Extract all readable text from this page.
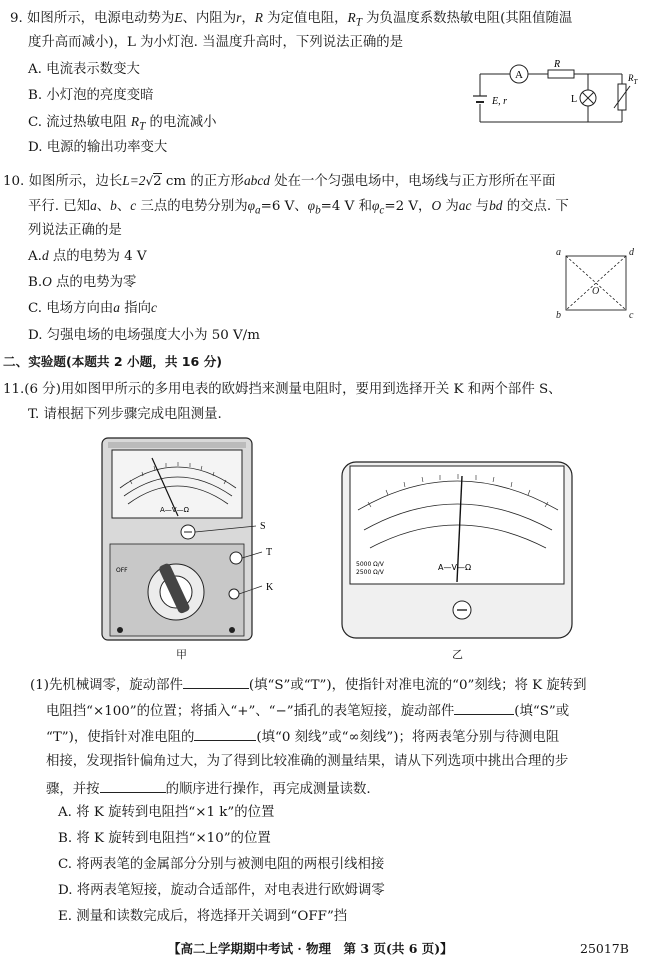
9. 如图所示，电源电动势为E、内阻为r，R 为定值电阻，$R_T$ 为负温度系数热敏电阻(其阻值随温
度升高而减小)，L 为小灯泡. 当温度升高时，下列说法正确的是
A. 电流表示数变大
B. 小灯泡的亮度变暗
C. 流过热敏电阻 $R_T$ 的电流减小
D. 电源的输出功率变大
A
R
L
$R_T$
E, r
10. 如图所示，边长L=2√2 cm 的正方形abcd 处在一个匀强电场中，电场线与正方形所在平面
平行. 已知a、b、c 三点的电势分别为$\varphi_a=6$ V、$\varphi_b=4$ V 和$\varphi_c=2$ V，O 为ac 与bd 的交点. 下
列说法正确的是
A.d 点的电势为 4 V
B.O 点的电势为零
C. 电场方向由a 指向c
D. 匀强电场的电场强度大小为 50 V/m
a	d
b	c
O
二、实验题(本题共 2 小题，共 16 分)
11.(6 分)用如图甲所示的多用电表的欧姆挡来测量电阻时，要用到选择开关 K 和两个部件 S、
T. 请根据下列步骤完成电阻测量.
A—V—Ω
S
OFF
T
K
甲
A—V—Ω
5000 Ω/V
2500 Ω/V
乙
(1)先机械调零，旋动部件	(填“S”或“T”)，使指针对准电流的“0”刻线；将 K 旋转到
电阻挡“×100”的位置；将插入“+”、“−”插孔的表笔短接，旋动部件	(填“S”或
“T”)，使指针对准电阻的	(填“0 刻线”或“∞刻线”)；将两表笔分别与待测电阻
相接，发现指针偏角过大，为了得到比较准确的测量结果，请从下列选项中挑出合理的步
骤，并按	的顺序进行操作，再完成测量读数.
A. 将 K 旋转到电阻挡“×1 k”的位置
B. 将 K 旋转到电阻挡“×10”的位置
C. 将两表笔的金属部分分别与被测电阻的两根引线相接
D. 将两表笔短接，旋动合适部件，对电表进行欧姆调零
E. 测量和读数完成后，将选择开关调到“OFF”挡
【高二上学期期中考试 · 物理　第 3 页(共 6 页)】	25017B
